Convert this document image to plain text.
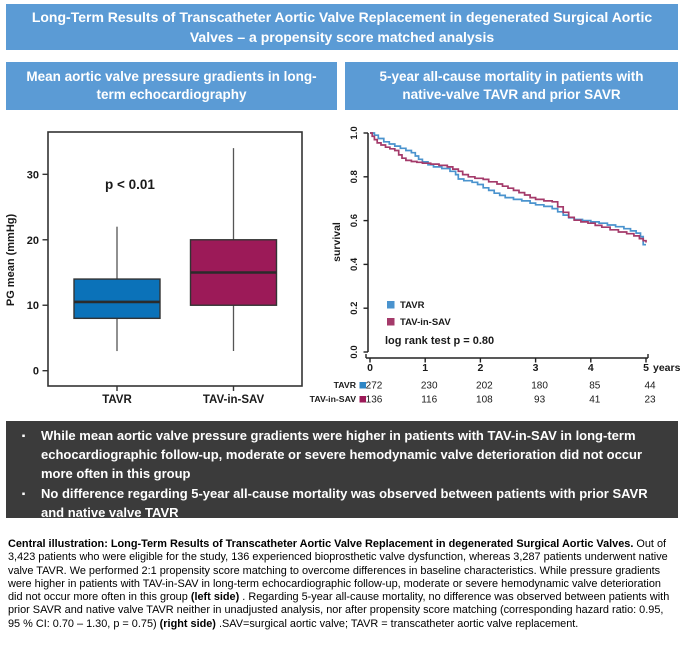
Long-Term Results of Transcatheter Aortic Valve Replacement in degenerated Surgical Aortic Valves – a propensity score matched analysis
Mean aortic valve pressure gradients in long-term echocardiography
5-year all-cause mortality in patients with native-valve TAVR and prior SAVR
0
10
20
30
PG mean (mmHg)
TAVR	TAV-in-SAV
p < 0.01
0.0
0.2
0.4
0.6
0.8
1.0
survival
0	1	2	3	4	5 years
TAVR
TAV-in-SAV
log rank test p = 0.80
TAVR 272	230	202	180	85	44
TAV-in-SAV 136	116	108	93	41	23
▪	While mean aortic valve pressure gradients were higher in patients with TAV-in-SAV in long-term echocardiographic follow-up, moderate or severe hemodynamic valve deterioration did not occur more often in this group
▪	No difference regarding 5-year all-cause mortality was observed between patients with prior SAVR and native valve TAVR

Central illustration: Long-Term Results of Transcatheter Aortic Valve Replacement in degenerated Surgical Aortic Valves. Out of 3,423 patients who were eligible for the study, 136 experienced bioprosthetic valve dysfunction, whereas 3,287 patients underwent native valve TAVR. We performed 2:1 propensity score matching to overcome differences in baseline characteristics. While pressure gradients were higher in patients with TAV-in-SAV in long-term echocardiographic follow-up, moderate or severe hemodynamic valve deterioration did not occur more often in this group (left side) . Regarding 5-year all-cause mortality, no difference was observed between patients with prior SAVR and native valve TAVR neither in unadjusted analysis, nor after propensity score matching (corresponding hazard ratio: 0.95, 95 % CI: 0.70 – 1.30, p = 0.75) (right side) .SAV=surgical aortic valve; TAVR = transcatheter aortic valve replacement.
